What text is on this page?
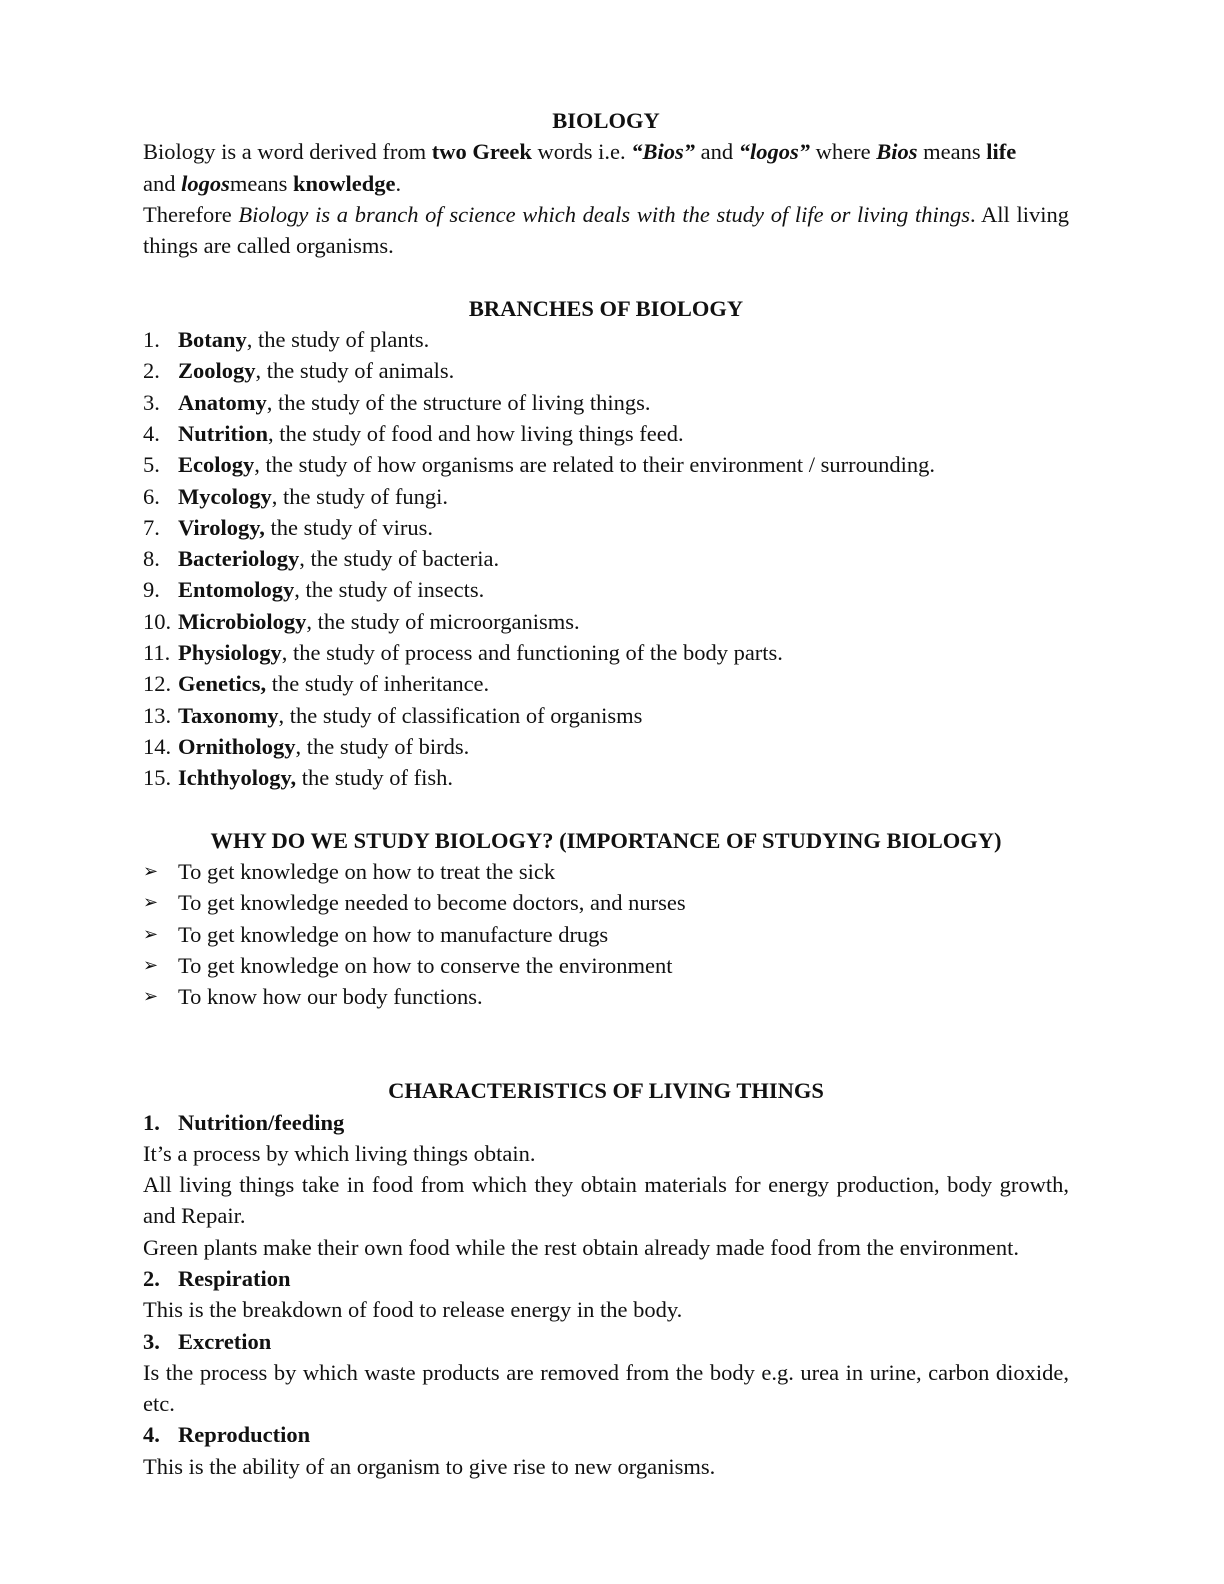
BIOLOGY

Biology is a word derived from two Greek words i.e. “Bios” and “logos” where Bios means life
and logosmeans knowledge.

Therefore Biology is a branch of science which deals with the study of life or living things. All living things are called organisms.

BRANCHES OF BIOLOGY

1. Botany, the study of plants.
2. Zoology, the study of animals.
3. Anatomy, the study of the structure of living things.
4. Nutrition, the study of food and how living things feed.
5. Ecology, the study of how organisms are related to their environment / surrounding.
6. Mycology, the study of fungi.
7. Virology, the study of virus.
8. Bacteriology, the study of bacteria.
9. Entomology, the study of insects.
10. Microbiology, the study of microorganisms.
11. Physiology, the study of process and functioning of the body parts.
12. Genetics, the study of inheritance.
13. Taxonomy, the study of classification of organisms
14. Ornithology, the study of birds.
15. Ichthyology, the study of fish.

WHY DO WE STUDY BIOLOGY? (IMPORTANCE OF STUDYING BIOLOGY)

➢ To get knowledge on how to treat the sick
➢ To get knowledge needed to become doctors, and nurses
➢ To get knowledge on how to manufacture drugs
➢ To get knowledge on how to conserve the environment
➢ To know how our body functions.

CHARACTERISTICS OF LIVING THINGS

1. Nutrition/feeding

It’s a process by which living things obtain.

All living things take in food from which they obtain materials for energy production, body growth, and Repair.

Green plants make their own food while the rest obtain already made food from the environment.

2. Respiration

This is the breakdown of food to release energy in the body.

3. Excretion

Is the process by which waste products are removed from the body e.g. urea in urine, carbon dioxide, etc.

4. Reproduction

This is the ability of an organism to give rise to new organisms.
